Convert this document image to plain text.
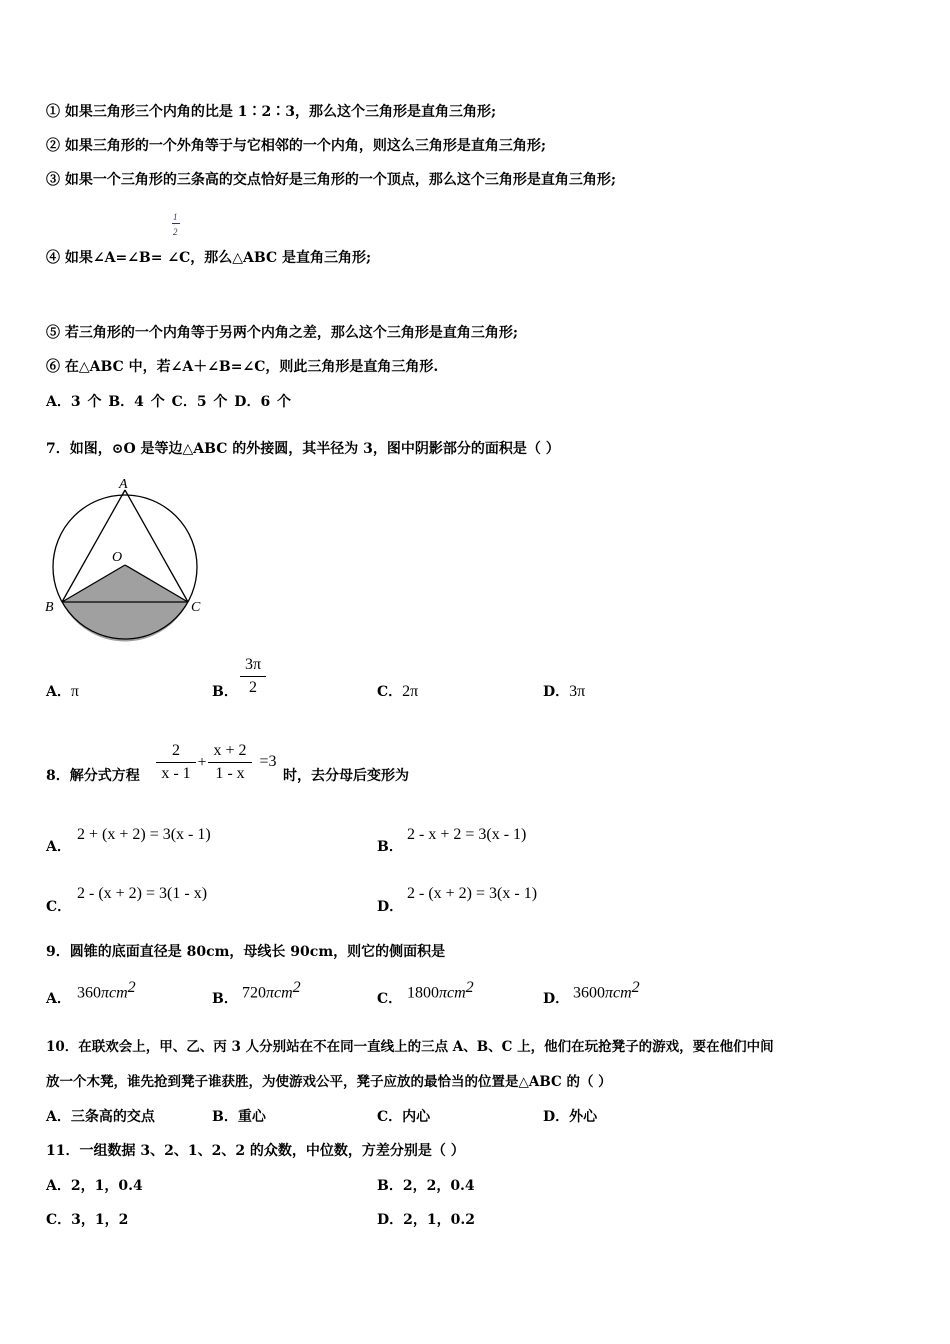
① 如果三角形三个内角的比是 1∶2∶3，那么这个三角形是直角三角形;
② 如果三角形的一个外角等于与它相邻的一个内角，则这么三角形是直角三角形;
③ 如果一个三角形的三条高的交点恰好是三角形的一个顶点，那么这个三角形是直角三角形;
1
2
④ 如果∠A=∠B= ∠C，那么△ABC 是直角三角形;
⑤ 若三角形的一个内角等于另两个内角之差，那么这个三角形是直角三角形;
⑥ 在△ABC 中，若∠A＋∠B=∠C，则此三角形是直角三角形.
A．3 个 B．4 个 C．5 个 D．6 个
7．如图，⊙O 是等边△ABC 的外接圆，其半径为 3，图中阴影部分的面积是（ ）
A
O
B	C
A．π	B．
3π
2	C．2π	D．3π
8．解分式方程
2
x - 1
+
x + 2
1 - x
=3
时，去分母后变形为
A．
2 + (x + 2) = 3(x - 1)
B．
2 - x + 2 = 3(x - 1)
C．
2 - (x + 2) = 3(1 - x)
D．
2 - (x + 2) = 3(x - 1)
9．圆锥的底面直径是 80cm，母线长 90cm，则它的侧面积是
A． 360πcm$^2$
B． 720πcm$^2$
C． 1800πcm$^2$
D． 3600πcm$^2$
10．在联欢会上，甲、乙、丙 3 人分别站在不在同一直线上的三点 A、B、C 上，他们在玩抢凳子的游戏，要在他们中间
放一个木凳，谁先抢到凳子谁获胜，为使游戏公平，凳子应放的最恰当的位置是△ABC 的（ ）
A．三条高的交点	B．重心	C．内心	D．外心
11．一组数据 3、2、1、2、2 的众数，中位数，方差分别是（ ）
A．2，1，0.4	B．2，2，0.4
C．3，1，2	D．2，1，0.2
